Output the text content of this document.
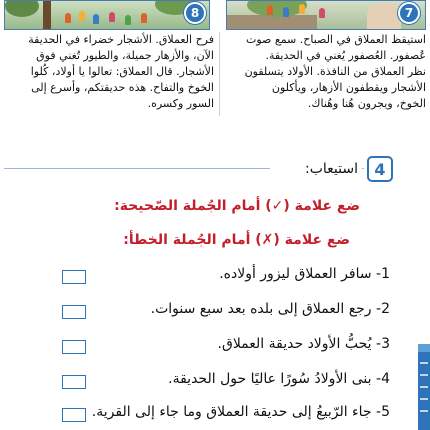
8	7
استيقظ العملاق في الصباح. سمع صوت
عُصفور. العُصفور يُغني في الحديقة.
نظر العملاق من النافذة. الأولاد يتسلقون
الأشجار ويقطفون الأزهار، ويأكلون
الخوخ، ويجرون هُنا وهُناك.
فرح العملاق. الأشجار خضراء في الحديقة
الآن، والأزهار جميلة، والطيور تُغني فوق
الأشجار. قال العملاق: تعالوا يا أولاد، كُلوا
الخوخ والتفاح. هذه حديقتكم، وأسرع إلى
السور وكسره.
استيعاب:	4
ضع علامة (✓) أمام الجُملة الصّحيحة:
ضع علامة (✗) أمام الجُملة الخطأ:
1- سافر العملاق ليزور أولاده.
2- رجع العملاق إلى بلده بعد سبع سنوات.
3- يُحبُّ الأولاد حديقة العملاق.
4- بنى الأولادُ سُورًا عاليًا حول الحديقة.
5- جاء الرّبيعُ إلى حديقة العملاق وما جاء إلى القرية.
